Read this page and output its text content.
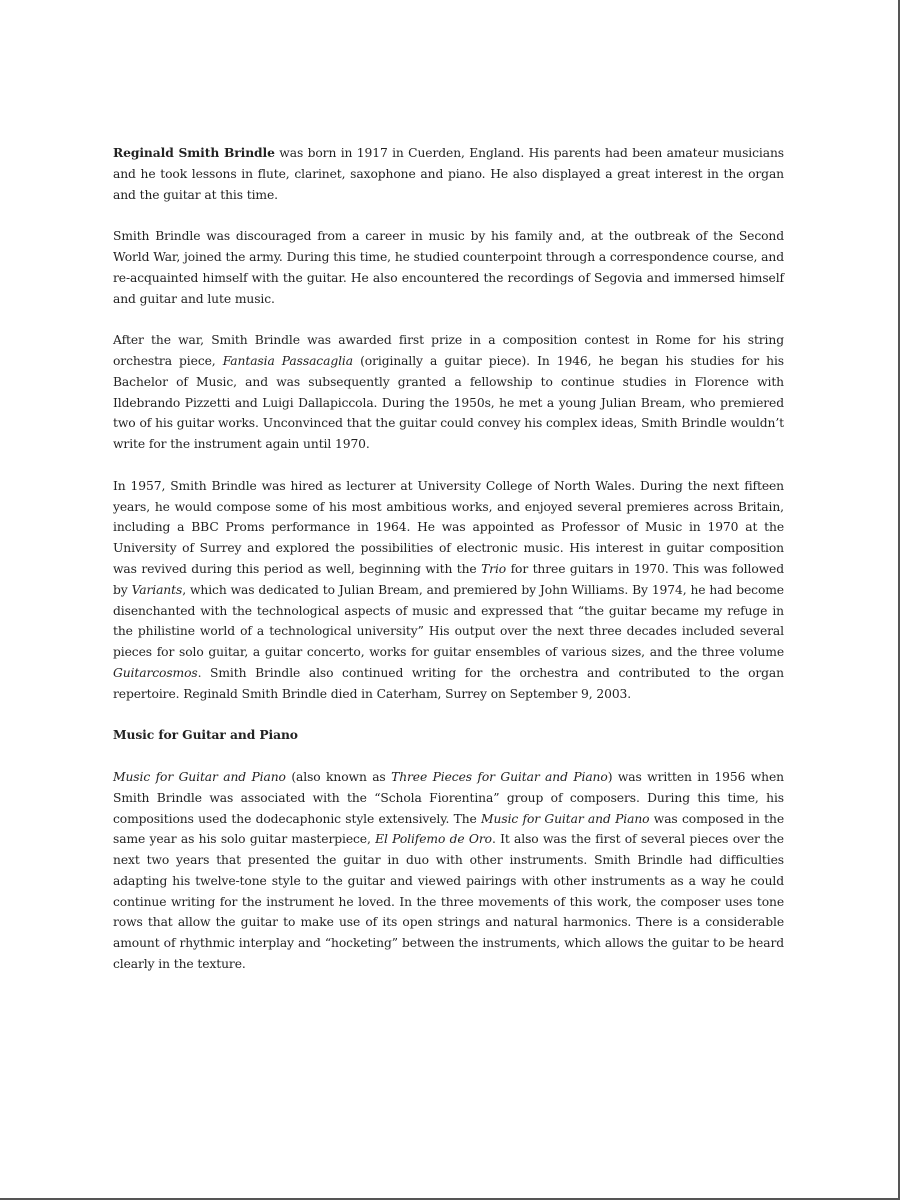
Reginald Smith Brindle was born in 1917 in Cuerden, England. His parents had been amateur musicians and he took lessons in flute, clarinet, saxophone and piano. He also displayed a great interest in the organ and the guitar at this time.

Smith Brindle was discouraged from a career in music by his family and, at the outbreak of the Second World War, joined the army. During this time, he studied counterpoint through a correspondence course, and re-acquainted himself with the guitar. He also encountered the recordings of Segovia and immersed himself and guitar and lute music.

After the war, Smith Brindle was awarded first prize in a composition contest in Rome for his string orchestra piece, Fantasia Passacaglia (originally a guitar piece). In 1946, he began his studies for his Bachelor of Music, and was subsequently granted a fellowship to continue studies in Florence with Ildebrando Pizzetti and Luigi Dallapiccola. During the 1950s, he met a young Julian Bream, who premiered two of his guitar works. Unconvinced that the guitar could convey his complex ideas, Smith Brindle wouldn’t write for the instrument again until 1970.

In 1957, Smith Brindle was hired as lecturer at University College of North Wales. During the next fifteen years, he would compose some of his most ambitious works, and enjoyed several premieres across Britain, including a BBC Proms performance in 1964. He was appointed as Professor of Music in 1970 at the University of Surrey and explored the possibilities of electronic music. His interest in guitar composition was revived during this period as well, beginning with the Trio for three guitars in 1970. This was followed by Variants, which was dedicated to Julian Bream, and premiered by John Williams. By 1974, he had become disenchanted with the technological aspects of music and expressed that “the guitar became my refuge in the philistine world of a technological university” His output over the next three decades included several pieces for solo guitar, a guitar concerto, works for guitar ensembles of various sizes, and the three volume Guitarcosmos. Smith Brindle also continued writing for the orchestra and contributed to the organ repertoire. Reginald Smith Brindle died in Caterham, Surrey on September 9, 2003.

Music for Guitar and Piano

Music for Guitar and Piano (also known as Three Pieces for Guitar and Piano) was written in 1956 when Smith Brindle was associated with the “Schola Fiorentina” group of composers. During this time, his compositions used the dodecaphonic style extensively. The Music for Guitar and Piano was composed in the same year as his solo guitar masterpiece, El Polifemo de Oro. It also was the first of several pieces over the next two years that presented the guitar in duo with other instruments. Smith Brindle had difficulties adapting his twelve-tone style to the guitar and viewed pairings with other instruments as a way he could continue writing for the instrument he loved. In the three movements of this work, the composer uses tone rows that allow the guitar to make use of its open strings and natural harmonics. There is a considerable amount of rhythmic interplay and “hocketing” between the instruments, which allows the guitar to be heard clearly in the texture.
